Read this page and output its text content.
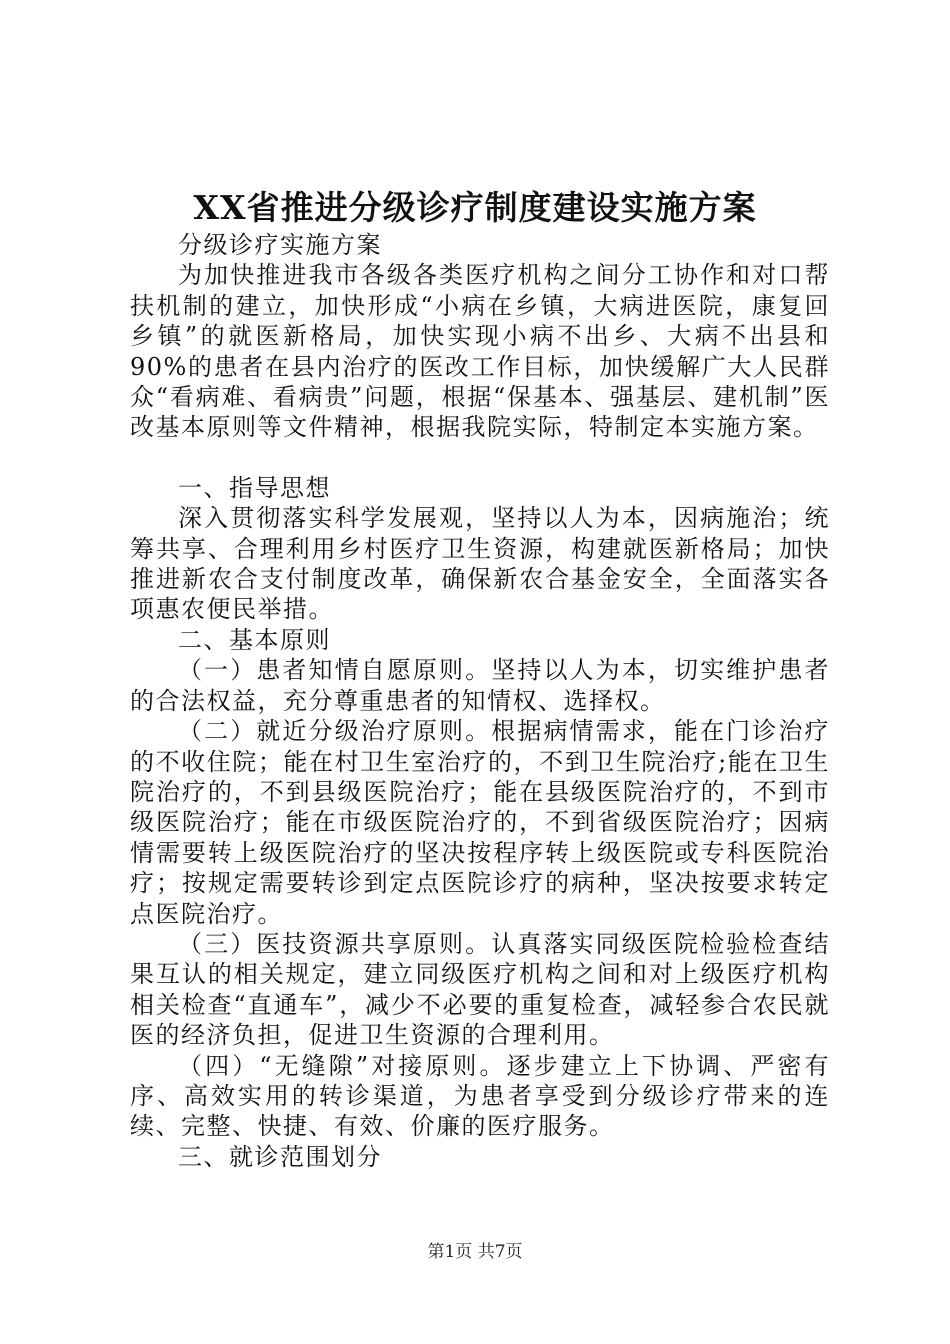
XX省推进分级诊疗制度建设实施方案

分级诊疗实施方案

为加快推进我市各级各类医疗机构之间分工协作和对口帮扶机制的建立，加快形成“小病在乡镇，大病进医院，康复回乡镇”的就医新格局，加快实现小病不出乡、大病不出县和90%的患者在县内治疗的医改工作目标，加快缓解广大人民群众“看病难、看病贵”问题，根据“保基本、强基层、建机制”医改基本原则等文件精神，根据我院实际，特制定本实施方案。

一、指导思想

深入贯彻落实科学发展观，坚持以人为本，因病施治；统筹共享、合理利用乡村医疗卫生资源，构建就医新格局；加快推进新农合支付制度改革，确保新农合基金安全，全面落实各项惠农便民举措。

二、基本原则

（一）患者知情自愿原则。坚持以人为本，切实维护患者的合法权益，充分尊重患者的知情权、选择权。

（二）就近分级治疗原则。根据病情需求，能在门诊治疗的不收住院；能在村卫生室治疗的，不到卫生院治疗;能在卫生院治疗的，不到县级医院治疗；能在县级医院治疗的，不到市级医院治疗；能在市级医院治疗的，不到省级医院治疗；因病情需要转上级医院治疗的坚决按程序转上级医院或专科医院治疗；按规定需要转诊到定点医院诊疗的病种，坚决按要求转定点医院治疗。

（三）医技资源共享原则。认真落实同级医院检验检查结果互认的相关规定，建立同级医疗机构之间和对上级医疗机构相关检查“直通车”，减少不必要的重复检查，减轻参合农民就医的经济负担，促进卫生资源的合理利用。

（四）“无缝隙”对接原则。逐步建立上下协调、严密有序、高效实用的转诊渠道，为患者享受到分级诊疗带来的连续、完整、快捷、有效、价廉的医疗服务。

三、就诊范围划分

第1页 共7页
